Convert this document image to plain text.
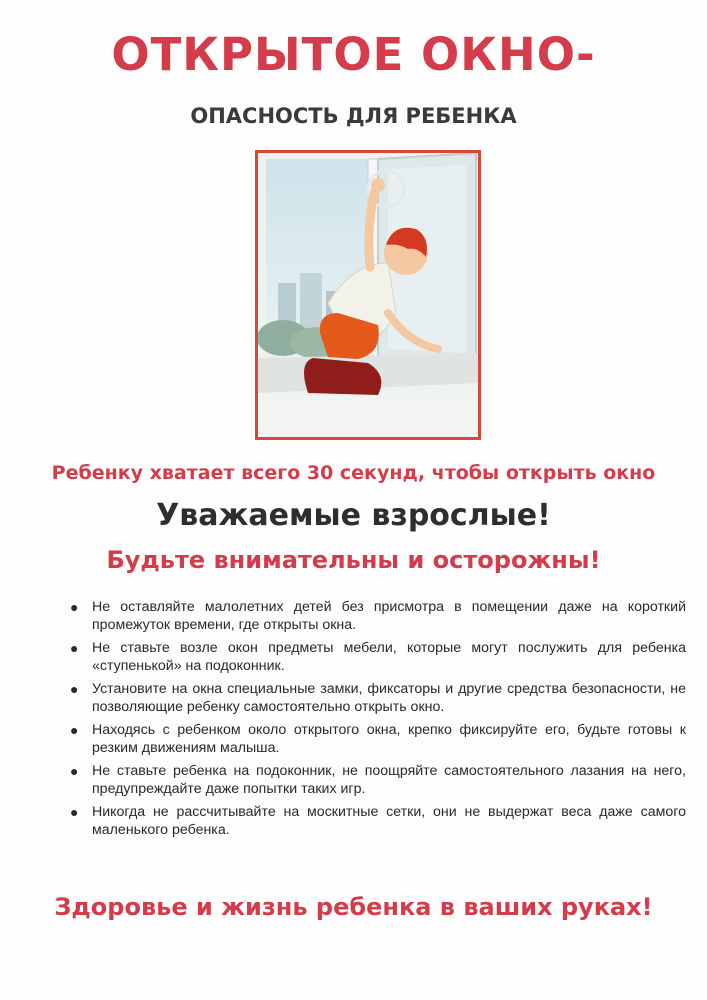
ОТКРЫТОЕ ОКНО-
ОПАСНОСТЬ ДЛЯ РЕБЕНКА

Ребенку хватает всего 30 секунд, чтобы открыть окно

Уважаемые взрослые!

Будьте внимательны и осторожны!

● Не оставляйте малолетних детей без присмотра в помещении даже на короткий промежуток времени, где открыты окна.
● Не ставьте возле окон предметы мебели, которые могут послужить для ребенка «ступенькой» на подоконник.
● Установите на окна специальные замки, фиксаторы и другие средства безопасности, не позволяющие ребенку самостоятельно открыть окно.
● Находясь с ребенком около открытого окна, крепко фиксируйте его, будьте готовы к резким движениям малыша.
● Не ставьте ребенка на подоконник, не поощряйте самостоятельного лазания на него, предупреждайте даже попытки таких игр.
● Никогда не рассчитывайте на москитные сетки, они не выдержат веса даже самого маленького ребенка.

Здоровье и жизнь ребенка в ваших руках!
